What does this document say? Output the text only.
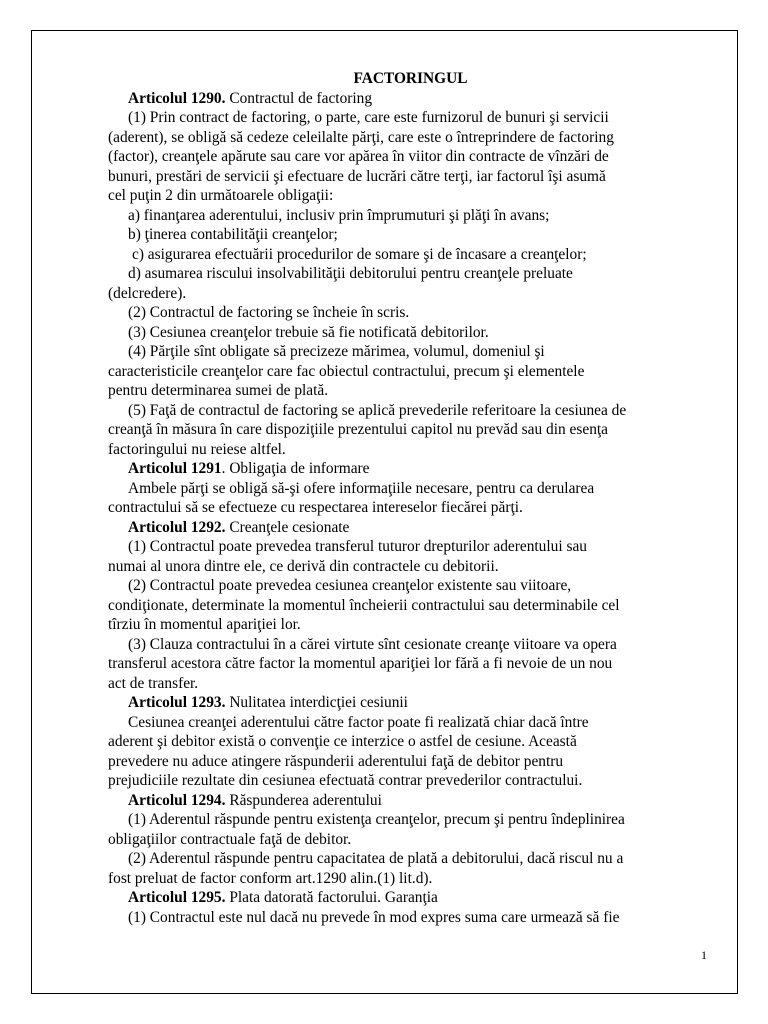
FACTORINGUL

Articolul 1290. Contractul de factoring

(1) Prin contract de factoring, o parte, care este furnizorul de bunuri şi servicii

(aderent), se obligă să cedeze celeilalte părţi, care este o întreprindere de factoring

(factor), creanţele apărute sau care vor apărea în viitor din contracte de vînzări de

bunuri, prestări de servicii şi efectuare de lucrări către terţi, iar factorul îşi asumă

cel puţin 2 din următoarele obligaţii:

a) finanţarea aderentului, inclusiv prin împrumuturi şi plăţi în avans;

b) ţinerea contabilităţii creanţelor;

c) asigurarea efectuării procedurilor de somare şi de încasare a creanţelor;

d) asumarea riscului insolvabilităţii debitorului pentru creanţele preluate

(delcredere).

(2) Contractul de factoring se încheie în scris.

(3) Cesiunea creanţelor trebuie să fie notificată debitorilor.

(4) Părţile sînt obligate să precizeze mărimea, volumul, domeniul şi

caracteristicile creanţelor care fac obiectul contractului, precum şi elementele

pentru determinarea sumei de plată.

(5) Faţă de contractul de factoring se aplică prevederile referitoare la cesiunea de

creanţă în măsura în care dispoziţiile prezentului capitol nu prevăd sau din esenţa

factoringului nu reiese altfel.

Articolul 1291. Obligaţia de informare

Ambele părţi se obligă să-şi ofere informaţiile necesare, pentru ca derularea

contractului să se efectueze cu respectarea intereselor fiecărei părţi.

Articolul 1292. Creanţele cesionate

(1) Contractul poate prevedea transferul tuturor drepturilor aderentului sau

numai al unora dintre ele, ce derivă din contractele cu debitorii.

(2) Contractul poate prevedea cesiunea creanţelor existente sau viitoare,

condiţionate, determinate la momentul încheierii contractului sau determinabile cel

tîrziu în momentul apariţiei lor.

(3) Clauza contractului în a cărei virtute sînt cesionate creanţe viitoare va opera

transferul acestora către factor la momentul apariţiei lor fără a fi nevoie de un nou

act de transfer.

Articolul 1293. Nulitatea interdicţiei cesiunii

Cesiunea creanţei aderentului către factor poate fi realizată chiar dacă între

aderent şi debitor există o convenţie ce interzice o astfel de cesiune. Această

prevedere nu aduce atingere răspunderii aderentului faţă de debitor pentru

prejudiciile rezultate din cesiunea efectuată contrar prevederilor contractului.

Articolul 1294. Răspunderea aderentului

(1) Aderentul răspunde pentru existenţa creanţelor, precum şi pentru îndeplinirea

obligaţiilor contractuale faţă de debitor.

(2) Aderentul răspunde pentru capacitatea de plată a debitorului, dacă riscul nu a

fost preluat de factor conform art.1290 alin.(1) lit.d).

Articolul 1295. Plata datorată factorului. Garanţia

(1) Contractul este nul dacă nu prevede în mod expres suma care urmează să fie

1
